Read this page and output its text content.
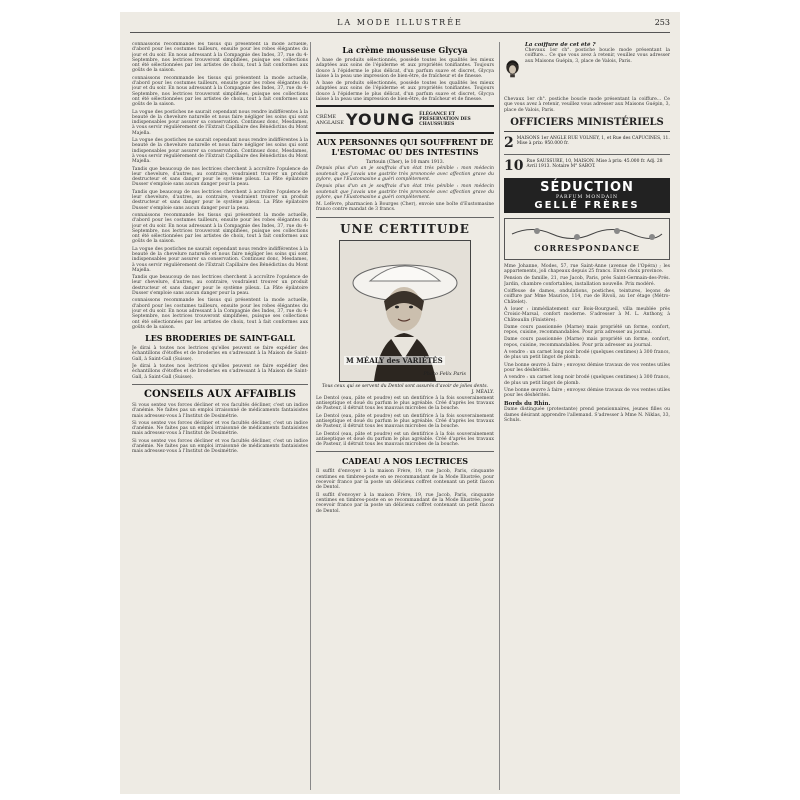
LA MODE ILLUSTRÉE	253

connaissons recommande les tissus qui présentent la mode actuelle, d'abord pour les costumes tailleurs, ensuite pour les robes élégantes du jour et du soir. En nous adressant à la Compagnie des Indes, 37, rue du 4-Septembre, nos lectrices trouveront simplifiées, puisque ses collections ont été sélectionnées par les artistes de choix, tout à fait conformes aux goûts de la saison.

connaissons recommande les tissus qui présentent la mode actuelle, d'abord pour les costumes tailleurs, ensuite pour les robes élégantes du jour et du soir. En nous adressant à la Compagnie des Indes, 37, rue du 4-Septembre, nos lectrices trouveront simplifiées, puisque ses collections ont été sélectionnées par les artistes de choix, tout à fait conformes aux goûts de la saison.

La vogue des postiches ne saurait cependant nous rendre indifférentes à la beauté de la chevelure naturelle et nous faire négliger les soins qui sont indispensables pour assurer sa conservation. Continuez donc, Mesdames, à vous servir régulièrement de l'Extrait Capillaire des Bénédictins du Mont Majella.

La vogue des postiches ne saurait cependant nous rendre indifférentes à la beauté de la chevelure naturelle et nous faire négliger les soins qui sont indispensables pour assurer sa conservation. Continuez donc, Mesdames, à vous servir régulièrement de l'Extrait Capillaire des Bénédictins du Mont Majella.

Tandis que beaucoup de nos lectrices cherchent à accroître l'opulence de leur chevelure, d'autres, au contraire, voudraient trouver un produit destructeur et sans danger pour le système pileux. La Pâte épilatoire Dusser s'emploie sans aucun danger pour la peau.

Tandis que beaucoup de nos lectrices cherchent à accroître l'opulence de leur chevelure, d'autres, au contraire, voudraient trouver un produit destructeur et sans danger pour le système pileux. La Pâte épilatoire Dusser s'emploie sans aucun danger pour la peau.

connaissons recommande les tissus qui présentent la mode actuelle, d'abord pour les costumes tailleurs, ensuite pour les robes élégantes du jour et du soir. En nous adressant à la Compagnie des Indes, 37, rue du 4-Septembre, nos lectrices trouveront simplifiées, puisque ses collections ont été sélectionnées par les artistes de choix, tout à fait conformes aux goûts de la saison.

La vogue des postiches ne saurait cependant nous rendre indifférentes à la beauté de la chevelure naturelle et nous faire négliger les soins qui sont indispensables pour assurer sa conservation. Continuez donc, Mesdames, à vous servir régulièrement de l'Extrait Capillaire des Bénédictins du Mont Majella.

Tandis que beaucoup de nos lectrices cherchent à accroître l'opulence de leur chevelure, d'autres, au contraire, voudraient trouver un produit destructeur et sans danger pour le système pileux. La Pâte épilatoire Dusser s'emploie sans aucun danger pour la peau.

connaissons recommande les tissus qui présentent la mode actuelle, d'abord pour les costumes tailleurs, ensuite pour les robes élégantes du jour et du soir. En nous adressant à la Compagnie des Indes, 37, rue du 4-Septembre, nos lectrices trouveront simplifiées, puisque ses collections ont été sélectionnées par les artistes de choix, tout à fait conformes aux goûts de la saison.

LES BRODERIES DE SAINT-GALL

Je dirai à toutes nos lectrices qu'elles peuvent se faire expédier des échantillons d'étoffes et de broderies en s'adressant à la Maison de Saint-Gall, à Saint-Gall (Suisse).

Je dirai à toutes nos lectrices qu'elles peuvent se faire expédier des échantillons d'étoffes et de broderies en s'adressant à la Maison de Saint-Gall, à Saint-Gall (Suisse).

CONSEILS AUX AFFAIBLIS

Si vous sentez vos forces décliner et vos facultés décliner, c'est un indice d'anémie. Ne faites pas un emploi irraisonné de médicaments fantaisistes mais adressez-vous à l'Institut de Dosimétrie.

Si vous sentez vos forces décliner et vos facultés décliner, c'est un indice d'anémie. Ne faites pas un emploi irraisonné de médicaments fantaisistes mais adressez-vous à l'Institut de Dosimétrie.

Si vous sentez vos forces décliner et vos facultés décliner, c'est un indice d'anémie. Ne faites pas un emploi irraisonné de médicaments fantaisistes mais adressez-vous à l'Institut de Dosimétrie.

La crème mousseuse Glycya

A base de produits sélectionnés, possède toutes les qualités les mieux adaptées aux soins de l'épiderme et aux propriétés tonifiantes. Toujours douce à l'épiderme le plus délicat, d'un parfum suave et discret, Glycya laisse à la peau une impression de bien-être, de fraîcheur et de finesse.

A base de produits sélectionnés, possède toutes les qualités les mieux adaptées aux soins de l'épiderme et aux propriétés tonifiantes. Toujours douce à l'épiderme le plus délicat, d'un parfum suave et discret, Glycya laisse à la peau une impression de bien-être, de fraîcheur et de finesse.

CRÈME ANGLAISE YOUNG ÉLÉGANCE ET PRÉSERVATION DES CHAUSSURES
AUX PERSONNES QUI SOUFFRENT DE L'ESTOMAC OU DES INTESTINS

Tartouin (Cher), le 10 mars 1913.

Depuis plus d'un an je souffrais d'un état très pénible : mon médecin soutenait que j'avais une gastrite très prononcée avec affection grave du pylore, que l'Eustomasine a guéri complètement.

Depuis plus d'un an je souffrais d'un état très pénible : mon médecin soutenait que j'avais une gastrite très prononcée avec affection grave du pylore, que l'Eustomasine a guéri complètement.

M. Lefèvre, pharmacien à Bourges (Cher), envoie une boîte d'Eustomasine franco contre mandat de 3 francs.

UNE CERTITUDE
M MÉALY des VARIÉTÉS
Photo Felix Paris

Tous ceux qui se servent du Dentol sont assurés d'avoir de jolies dents.

J. MÉALY.

Le Dentol (eau, pâte et poudre) est un dentifrice à la fois souverainement antiseptique et doué du parfum le plus agréable. Créé d'après les travaux de Pasteur, il détruit tous les mauvais microbes de la bouche.

Le Dentol (eau, pâte et poudre) est un dentifrice à la fois souverainement antiseptique et doué du parfum le plus agréable. Créé d'après les travaux de Pasteur, il détruit tous les mauvais microbes de la bouche.

Le Dentol (eau, pâte et poudre) est un dentifrice à la fois souverainement antiseptique et doué du parfum le plus agréable. Créé d'après les travaux de Pasteur, il détruit tous les mauvais microbes de la bouche.

CADEAU A NOS LECTRICES

Il suffit d'envoyer à la maison Frère, 19, rue Jacob, Paris, cinquante centimes en timbres-poste en se recommandant de la Mode Illustrée, pour recevoir franco par la poste un délicieux coffret contenant un petit flacon de Dentol.

Il suffit d'envoyer à la maison Frère, 19, rue Jacob, Paris, cinquante centimes en timbres-poste en se recommandant de la Mode Illustrée, pour recevoir franco par la poste un délicieux coffret contenant un petit flacon de Dentol.

La coiffure de cet été ?

Chevaux 1er ch°. postiche boucle mode présentant la coiffure... Ce que vous avez à retenir, veuillez vous adresser aux Maisons Guépin, 3, place de Valois, Paris.

Chevaux 1er ch°. postiche boucle mode présentant la coiffure... Ce que vous avez à retenir, veuillez vous adresser aux Maisons Guépin, 3, place de Valois, Paris.

OFFICIERS MINISTÉRIELS
2 MAISONS 1er ANGLE RUE VOLNEY, 1, et Rue des CAPUCINES, 11. Mise à prix: 950.000 fr.
10 Rue SAUSSURE, 10, MAISON. Mise à prix: 45.000 fr. Adj. 28 Avril 1913. Notaire M° SABOT.
SÉDUCTION
PARFUM MONDAIN
GELLÉ FRÈRES
CORRESPONDANCE

Mme Johanne, Modes, 57, rue Saint-Anne (avenue de l'Opéra) ; les appartements, joli chapeaux depuis 25 francs. Envoi choix province.

Pension de famille, 21, rue Jacob, Paris, près Saint-Germain-des-Prés. Jardin, chambre confortables, installation nouvelle. Prix modéré.

Coiffeuse de dames, ondulations, postiches, teintures, leçons de coiffure par Mme Maurice, 114, rue de Rivoli, au 1er étage (Métro-Châtelet).

A louer : immédiatement sur Bois-Bourgueil, villa meublée près Croisic-Marsal, confort moderne. S'adresser à M. L. Anthony, à Châteaulin (Finistère).

Dame cours passionnée (Marne) mais propriété un forme, confort, repos, cuisine, recommandables. Pour prix adresser au journal.

Dame cours passionnée (Marne) mais propriété un forme, confort, repos, cuisine, recommandables. Pour prix adresser au journal.

A vendre : un carnet long noir brodé (quelques centimes) à 300 francs, de plus un petit lingot de plomb.

Une bonne œuvre à faire ; envoyez démise travaux de vos ventes utiles pour les déshérités.

A vendre : un carnet long noir brodé (quelques centimes) à 300 francs, de plus un petit lingot de plomb.

Une bonne œuvre à faire ; envoyez démise travaux de vos ventes utiles pour les déshérités.

Bords du Rhin.

Dame distinguée (protestante) prend pensionnaires, jeunes filles ou dames désirant apprendre l'allemand. S'adresser à Mme N. Niklas, 33, Schuls.
